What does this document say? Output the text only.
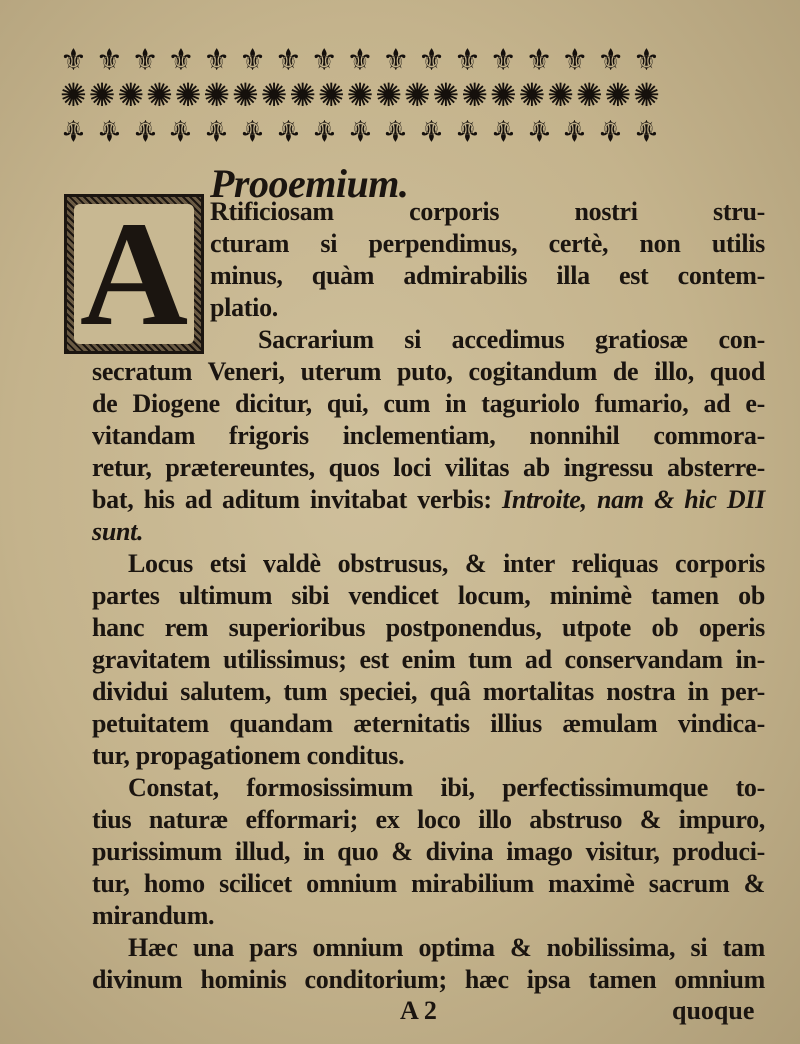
⚜ ⚜ ⚜ ⚜ ⚜ ⚜ ⚜ ⚜ ⚜ ⚜ ⚜ ⚜ ⚜ ⚜ ⚜ ⚜ ⚜
✺ ✺ ✺ ✺ ✺ ✺ ✺ ✺ ✺ ✺ ✺ ✺ ✺ ✺ ✺ ✺ ✺ ✺ ✺ ✺ ✺
⚜ ⚜ ⚜ ⚜ ⚜ ⚜ ⚜ ⚜ ⚜ ⚜ ⚜ ⚜ ⚜ ⚜ ⚜ ⚜ ⚜
Prooemium.
A Rtificiosam corporis nostri stru-
cturam si perpendimus, certè, non utilis
minus, quàm admirabilis illa est contem-
platio.
Sacrarium si accedimus gratiosæ con-
secratum Veneri, uterum puto, cogitandum de illo, quod
de Diogene dicitur, qui, cum in taguriolo fumario, ad e-
vitandam frigoris inclementiam, nonnihil commora-
retur, prætereuntes, quos loci vilitas ab ingressu absterre-
bat, his ad aditum invitabat verbis: Introite, nam & hic DII
sunt.
Locus etsi valdè obstrusus, & inter reliquas corporis
partes ultimum sibi vendicet locum, minimè tamen ob
hanc rem superioribus postponendus, utpote ob operis
gravitatem utilissimus; est enim tum ad conservandam in-
dividui salutem, tum speciei, quâ mortalitas nostra in per-
petuitatem quandam æternitatis illius æmulam vindica-
tur, propagationem conditus.
Constat, formosissimum ibi, perfectissimumque to-
tius naturæ efformari; ex loco illo abstruso & impuro,
purissimum illud, in quo & divina imago visitur, produci-
tur, homo scilicet omnium mirabilium maximè sacrum &
mirandum.
Hæc una pars omnium optima & nobilissima, si tam
divinum hominis conditorium; hæc ipsa tamen omnium
A 2	quoque
